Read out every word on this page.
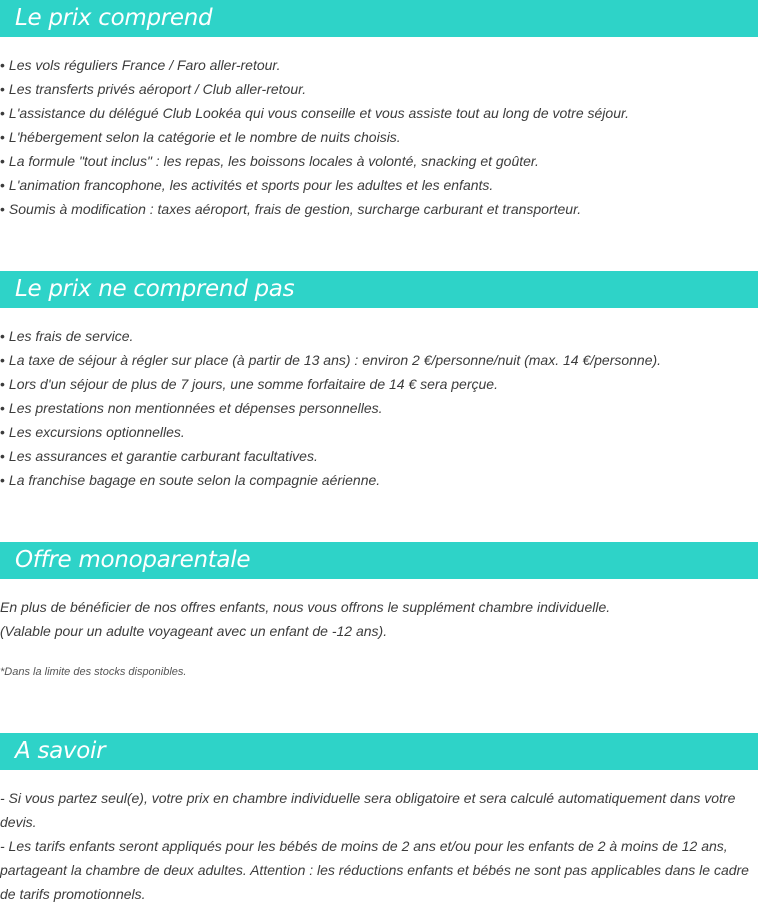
Le prix comprend
• Les vols réguliers France / Faro aller-retour.
• Les transferts privés aéroport / Club aller-retour.
• L'assistance du délégué Club Lookéa qui vous conseille et vous assiste tout au long de votre séjour.
• L'hébergement selon la catégorie et le nombre de nuits choisis.
• La formule "tout inclus" : les repas, les boissons locales à volonté, snacking et goûter.
• L'animation francophone, les activités et sports pour les adultes et les enfants.
• Soumis à modification : taxes aéroport, frais de gestion, surcharge carburant et transporteur.
Le prix ne comprend pas
• Les frais de service.
• La taxe de séjour à régler sur place (à partir de 13 ans) : environ 2 €/personne/nuit (max. 14 €/personne).
• Lors d'un séjour de plus de 7 jours, une somme forfaitaire de 14 € sera perçue.
• Les prestations non mentionnées et dépenses personnelles.
• Les excursions optionnelles.
• Les assurances et garantie carburant facultatives.
• La franchise bagage en soute selon la compagnie aérienne.
Offre monoparentale

En plus de bénéficier de nos offres enfants, nous vous offrons le supplément chambre individuelle.
(Valable pour un adulte voyageant avec un enfant de -12 ans).

*Dans la limite des stocks disponibles.

A savoir

- Si vous partez seul(e), votre prix en chambre individuelle sera obligatoire et sera calculé automatiquement dans votre devis.

- Les tarifs enfants seront appliqués pour les bébés de moins de 2 ans et/ou pour les enfants de 2 à moins de 12 ans, partageant la chambre de deux adultes. Attention : les réductions enfants et bébés ne sont pas applicables dans le cadre de tarifs promotionnels.
